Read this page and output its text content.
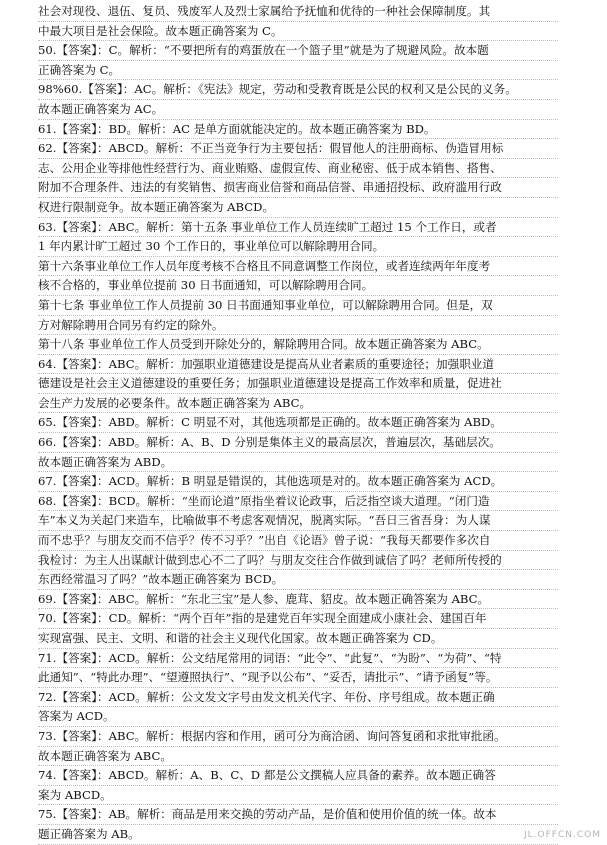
社会对现役、退伍、复员、残废军人及烈士家属给予抚恤和优待的一种社会保障制度。其

中最大项目是社会保险。故本题正确答案为 C。

50.【答案】：C。解析：“不要把所有的鸡蛋放在一个篮子里”就是为了规避风险。故本题

正确答案为 C。

98%60.【答案】：AC。解析：《宪法》规定，劳动和受教育既是公民的权利又是公民的义务。

故本题正确答案为 AC。

61.【答案】：BD。解析：AC 是单方面就能决定的。故本题正确答案为 BD。

62.【答案】：ABCD。解析：不正当竞争行为主要包括：假冒他人的注册商标、伪造冒用标

志、公用企业等排他性经营行为、商业贿赂、虚假宣传、商业秘密、低于成本销售、搭售、

附加不合理条件、违法的有奖销售、损害商业信誉和商品信誉、串通招投标、政府滥用行政

权进行限制竞争。故本题正确答案为 ABCD。

63.【答案】：ABC。解析：第十五条 事业单位工作人员连续旷工超过 15 个工作日，或者

1 年内累计旷工超过 30 个工作日的，事业单位可以解除聘用合同。

第十六条事业单位工作人员年度考核不合格且不同意调整工作岗位，或者连续两年年度考

核不合格的，事业单位提前 30 日书面通知，可以解除聘用合同。

第十七条 事业单位工作人员提前 30 日书面通知事业单位，可以解除聘用合同。但是，双

方对解除聘用合同另有约定的除外。

第十八条 事业单位工作人员受到开除处分的，解除聘用合同。故本题正确答案为 ABC。

64.【答案】：ABC。解析：加强职业道德建设是提高从业者素质的重要途径；加强职业道

德建设是社会主义道德建设的重要任务；加强职业道德建设是提高工作效率和质量，促进社

会生产力发展的必要条件。故本题正确答案为 ABC。

65.【答案】：ABD。解析：C 明显不对，其他选项都是正确的。故本题正确答案为 ABD。

66.【答案】：ABD。解析：A、B、D 分别是集体主义的最高层次，普遍层次，基础层次。

故本题正确答案为 ABD。

67.【答案】：ACD。解析：B 明显是错误的，其他选项是对的。故本题正确答案为 ACD。

68.【答案】：BCD。解析：“坐而论道”原指坐着议论政事，后泛指空谈大道理。“闭门造

车”本义为关起门来造车，比喻做事不考虑客观情况，脱离实际。“吾日三省吾身：为人谋

而不忠乎？与朋友交而不信乎？传不习乎？”出自《论语》曾子说：“我每天都要作多次自

我检讨：为主人出谋献计做到忠心不二了吗？与朋友交往合作做到诚信了吗？老师所传授的

东西经常温习了吗？”故本题正确答案为 BCD。

69.【答案】：ABC。解析：“东北三宝”是人参、鹿茸、貂皮。故本题正确答案为 ABC。

70.【答案】：CD。解析：“两个百年”指的是建党百年实现全面建成小康社会、建国百年

实现富强、民主、文明、和谐的社会主义现代化国家。故本题正确答案为 CD。

71.【答案】：ACD。解析：公文结尾常用的词语：“此令”、“此复”、“为盼”、“为荷”、“特

此通知”、“特此办理”、“望遵照执行”、“现予以公布”、“妥否，请批示”、“请予函复”等。

72.【答案】：ACD。解析：公文发文字号由发文机关代字、年份、序号组成。故本题正确

答案为 ACD。

73.【答案】：ABC。解析：根据内容和作用，函可分为商洽函、询问答复函和求批审批函。

故本题正确答案为 ABC。

74.【答案】：ABCD。解析：A、B、C、D 都是公文撰稿人应具备的素养。故本题正确答

案为 ABCD。

75.【答案】：AB。解析：商品是用来交换的劳动产品，是价值和使用价值的统一体。故本

题正确答案为 AB。	JL.OFFCN.COM
